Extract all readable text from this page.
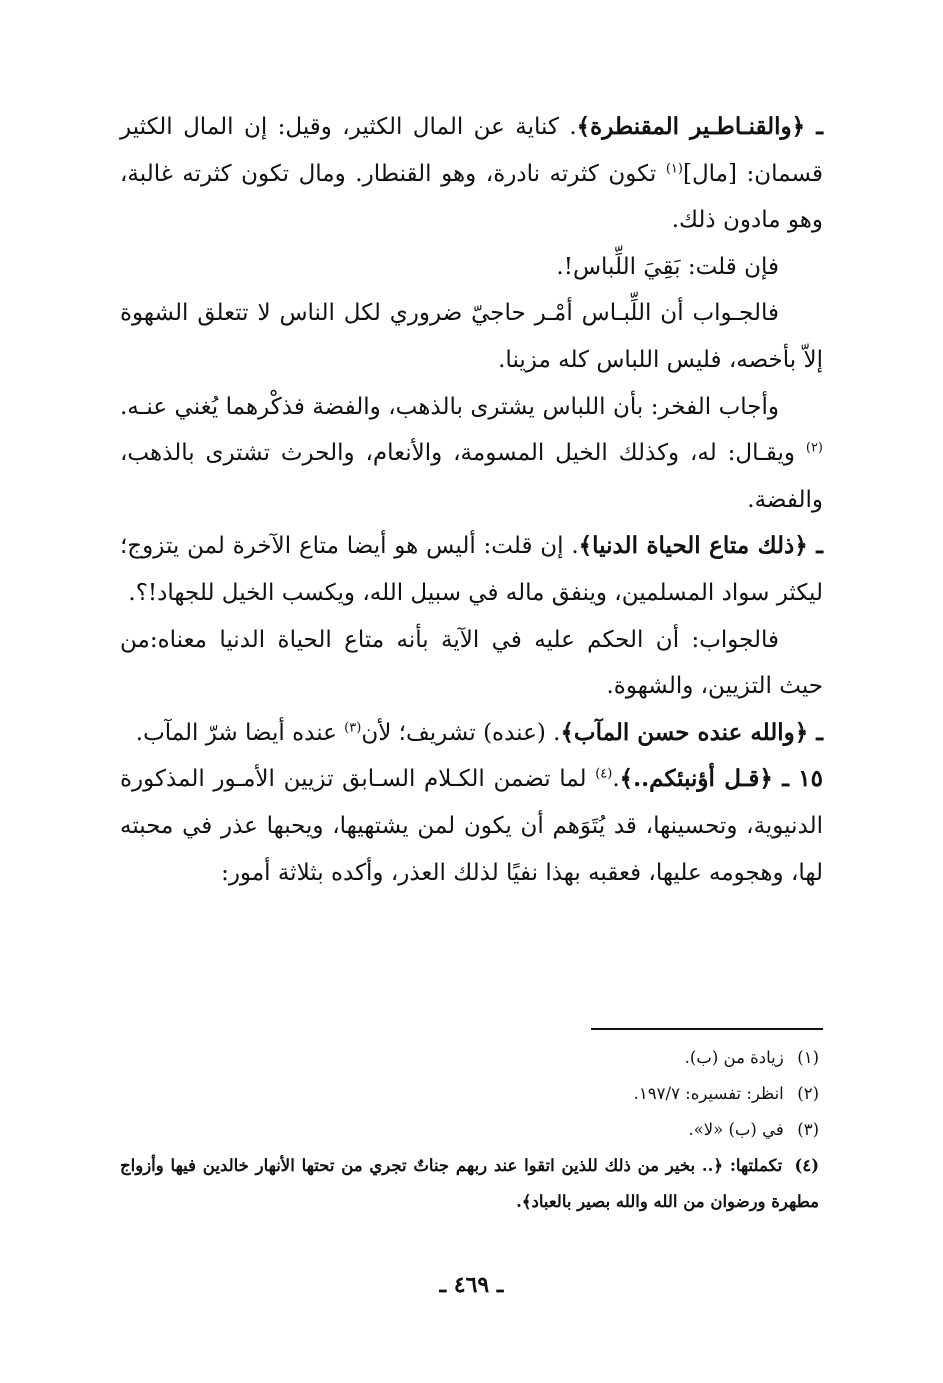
ـ ﴿والقنـاطـير المقنطرة﴾. كناية عن المال الكثير، وقيل: إن المال الكثير قسمان: [مال]$^{(١)}$ تكون كثرته نادرة، وهو القنطار. ومال تكون كثرته غالبة، وهو مادون ذلك.

فإن قلت: بَقِيَ اللِّباس!.

فالجـواب أن اللِّبـاس أمْـر حاجيّ ضروري لكل الناس لا تتعلق الشهوة إلاّ بأخصه، فليس اللباس كله مزينا.

وأجاب الفخر: بأن اللباس يشترى بالذهب، والفضة فذكْرهما يُغني عنـه.$^{(٢)}$ ويقـال: له، وكذلك الخيل المسومة، والأنعام، والحرث تشترى بالذهب، والفضة.

ـ ﴿ذلك متاع الحياة الدنيا﴾. إن قلت: أليس هو أيضا متاع الآخرة لمن يتزوج؛ ليكثر سواد المسلمين، وينفق ماله في سبيل الله، ويكسب الخيل للجهاد!؟.

فالجواب: أن الحكم عليه في الآية بأنه متاع الحياة الدنيا معناه:من حيث التزيين، والشهوة.

ـ ﴿والله عنده حسن المآب﴾. (عنده) تشريف؛ لأن$^{(٣)}$ عنده أيضا شرّ المآب.

١٥ ـ ﴿قـل أؤنبئكم..﴾.$^{(٤)}$ لما تضمن الكـلام السـابق تزيين الأمـور المذكورة الدنيوية، وتحسينها، قد يُتَوَهم أن يكون لمن يشتهيها، ويحبها عذر في محبته لها، وهجومه عليها، فعقبه بهذا نفيًا لذلك العذر، وأكده بثلاثة أمور:

(١) زيادة من (ب).

(٢) انظر: تفسيره: ١٩٧/٧.

(٣) في (ب) «لا».

(٤) تكملتها: ﴿.. بخير من ذلك للذين اتقوا عند ربهم جناتٌ تجري من تحتها الأنهار خالدين فيها وأزواج مطهرة ورضوان من الله والله بصير بالعباد﴾.

ـ ٤٦٩ ـ
